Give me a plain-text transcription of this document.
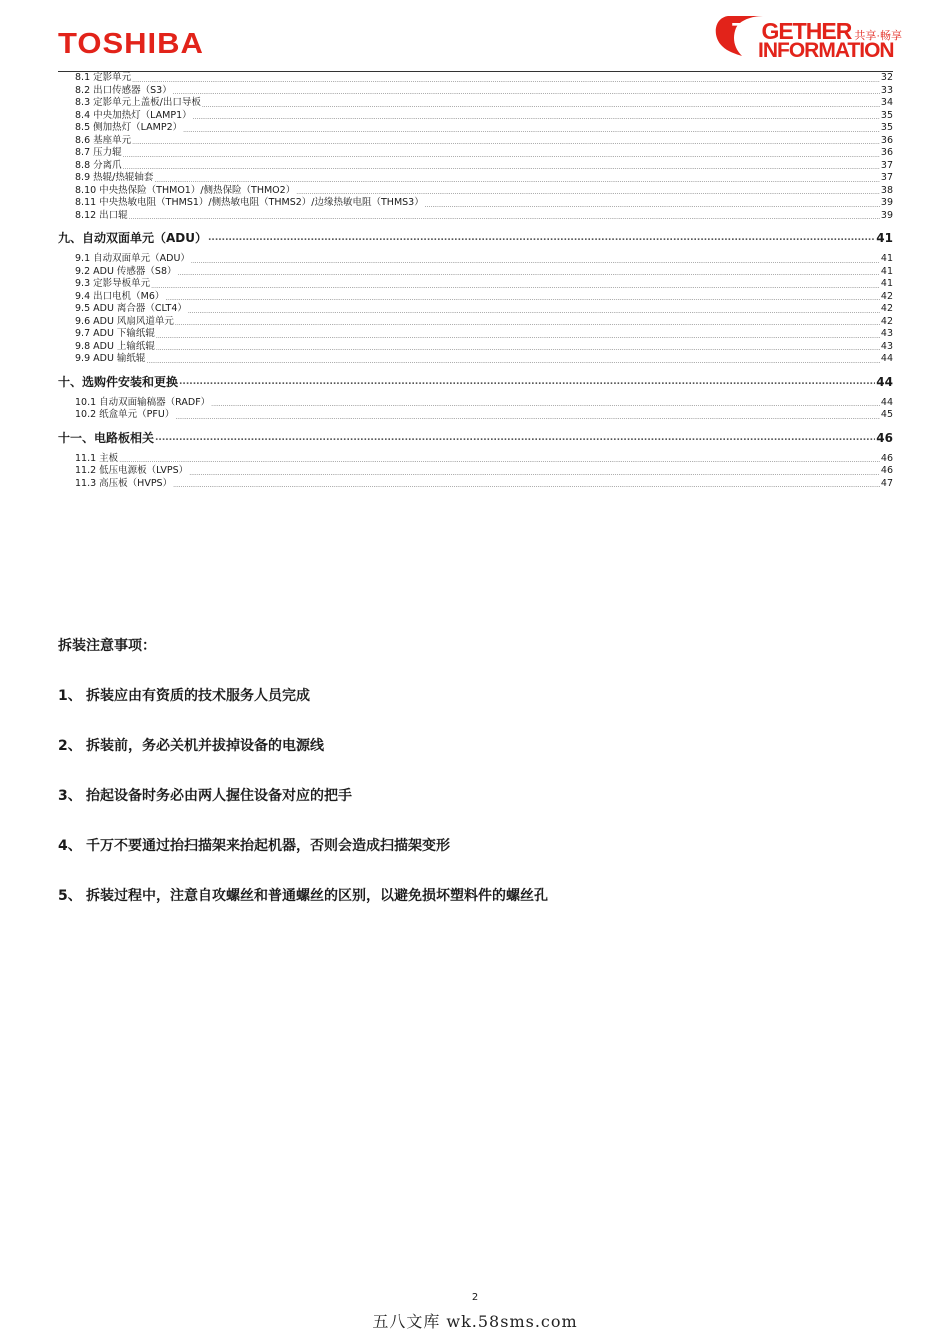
TOSHIBA	TOGETHER 共享·畅享
INFORMATION
8.1 定影单元 .....	32
8.2 出口传感器（S3） .....	33
8.3 定影单元上盖板/出口导板 .....	34
8.4 中央加热灯（LAMP1） .....	35
8.5 侧加热灯（LAMP2） .....	35
8.6 基座单元 .....	36
8.7 压力辊 .....	36
8.8 分离爪 .....	37
8.9 热辊/热辊轴套 .....	37
8.10 中央热保险（THMO1）/侧热保险（THMO2） .....	38
8.11 中央热敏电阻（THMS1）/侧热敏电阻（THMS2）/边缘热敏电阻（THMS3） .....	39
8.12 出口辊 .....	39
九、自动双面单元（ADU） .....	41
9.1 自动双面单元（ADU） .....	41
9.2 ADU 传感器（S8） .....	41
9.3 定影导板单元 .....	41
9.4 出口电机（M6） .....	42
9.5 ADU 离合器（CLT4） .....	42
9.6 ADU 风扇风道单元 .....	42
9.7 ADU 下输纸辊 .....	43
9.8 ADU 上输纸辊 .....	43
9.9 ADU 输纸辊 .....	44
十、选购件安装和更换 .....	44
10.1 自动双面输稿器（RADF） .....	44
10.2 纸盒单元（PFU） .....	45
十一、电路板相关 .....	46
11.1 主板 .....	46
11.2 低压电源板（LVPS） .....	46
11.3 高压板（HVPS） .....	47
拆装注意事项：
1、 拆装应由有资质的技术服务人员完成
2、 拆装前，务必关机并拔掉设备的电源线
3、 抬起设备时务必由两人握住设备对应的把手
4、 千万不要通过抬扫描架来抬起机器，否则会造成扫描架变形
5、 拆装过程中，注意自攻螺丝和普通螺丝的区别，以避免损坏塑料件的螺丝孔
2
五八文库 wk.58sms.com
